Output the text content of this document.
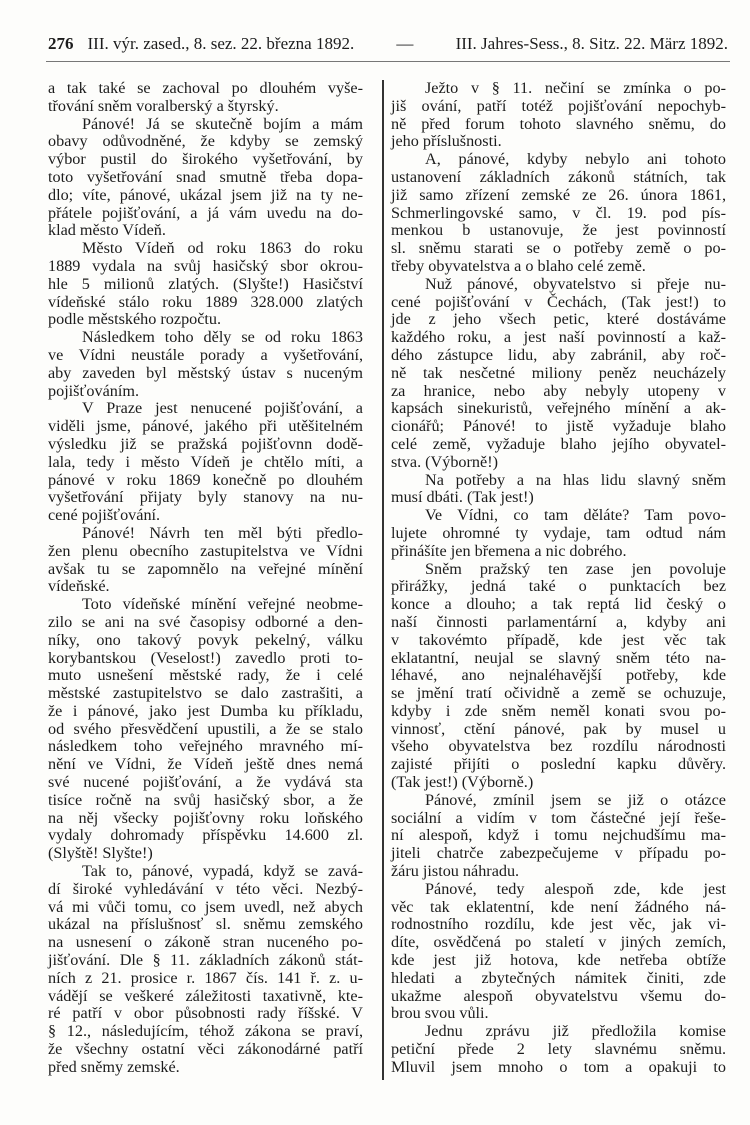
276 III. výr. zased., 8. sez. 22. března 1892. — III. Jahres-Sess., 8. Sitz. 22. März 1892.
a tak také se zachoval po dlouhém vyše-
třování sněm voralberský a štyrský.
Pánové! Já se skutečně bojím a mám
obavy odůvodněné, že kdyby se zemský
výbor pustil do širokého vyšetřování, by
toto vyšetřování snad smutně třeba dopa-
dlo; víte, pánové, ukázal jsem již na ty ne-
přátele pojišťování, a já vám uvedu na do-
klad město Vídeň.
Město Vídeň od roku 1863 do roku
1889 vydala na svůj hasičský sbor okrou-
hle 5 milionů zlatých. (Slyšte!) Hasičství
vídeňské stálo roku 1889 328.000 zlatých
podle městského rozpočtu.
Následkem toho děly se od roku 1863
ve Vídni neustále porady a vyšetřování,
aby zaveden byl městský ústav s nuceným
pojišťováním.
V Praze jest nenucené pojišťování, a
viděli jsme, pánové, jakého při utěšitelném
výsledku již se pražská pojišťovnn dodě-
lala, tedy i město Vídeň je chtělo míti, a
pánové v roku 1869 konečně po dlouhém
vyšetřování přijaty byly stanovy na nu-
cené pojišťování.
Pánové! Návrh ten měl býti předlo-
žen plenu obecního zastupitelstva ve Vídni
avšak tu se zapomnělo na veřejné mínění
vídeňské.
Toto vídeňské mínění veřejné neobme-
zilo se ani na své časopisy odborné a den-
níky, ono takový povyk pekelný, válku
korybantskou (Veselost!) zavedlo proti to-
muto usnešení městské rady, že i celé
městské zastupitelstvo se dalo zastrašiti, a
že i pánové, jako jest Dumba ku příkladu,
od svého přesvědčení upustili, a že se stalo
následkem toho veřejného mravného mí-
nění ve Vídni, že Vídeň ještě dnes nemá
své nucené pojišťování, a že vydává sta
tisíce ročně na svůj hasičský sbor, a že
na něj všecky pojišťovny roku loňského
vydaly dohromady příspěvku 14.600 zl.
(Slyště! Slyšte!)
Tak to, pánové, vypadá, když se zavá-
dí široké vyhledávání v této věci. Nezbý-
vá mi vůči tomu, co jsem uvedl, než abych
ukázal na příslušnosť sl. sněmu zemského
na usnesení o zákoně stran nuceného po-
jišťování. Dle § 11. základních zákonů stát-
ních z 21. prosice r. 1867 čís. 141 ř. z. u-
vádějí se veškeré záležitosti taxativně, kte-
ré patří v obor působnosti rady říšské. V
§ 12., následujícím, téhož zákona se praví,
že všechny ostatní věci zákonodárné patří
před sněmy zemské.
Ježto v § 11. nečiní se zmínka o po-
jiš ování, patří totéž pojišťování nepochyb-
ně před forum tohoto slavného sněmu, do
jeho příslušnosti.
A, pánové, kdyby nebylo ani tohoto
ustanovení základních zákonů státních, tak
již samo zřízení zemské ze 26. února 1861,
Schmerlingovské samo, v čl. 19. pod pís-
menkou b ustanovuje, že jest povinností
sl. sněmu starati se o potřeby země o po-
třeby obyvatelstva a o blaho celé země.
Nuž pánové, obyvatelstvo si přeje nu-
cené pojišťování v Čechách, (Tak jest!) to
jde z jeho všech petic, které dostáváme
každého roku, a jest naší povinností a kaž-
dého zástupce lidu, aby zabránil, aby roč-
ně tak nesčetné miliony peněz neucházely
za hranice, nebo aby nebyly utopeny v
kapsách sinekuristů, veřejného mínění a ak-
cionářů; Pánové! to jistě vyžaduje blaho
celé země, vyžaduje blaho jejího obyvatel-
stva. (Výborně!)
Na potřeby a na hlas lidu slavný sněm
musí dbáti. (Tak jest!)
Ve Vídni, co tam děláte? Tam povo-
lujete ohromné ty vydaje, tam odtud nám
přinášíte jen břemena a nic dobrého.
Sněm pražský ten zase jen povoluje
přirážky, jedná také o punktacích bez
konce a dlouho; a tak reptá lid český o
naší činnosti parlamentární a, kdyby ani
v takovémto případě, kde jest věc tak
eklatantní, neujal se slavný sněm této na-
léhavé, ano nejnaléhavější potřeby, kde
se jmění tratí očividně a země se ochuzuje,
kdyby i zde sněm neměl konati svou po-
vinnosť, ctění pánové, pak by musel u
všeho obyvatelstva bez rozdílu národnosti
zajisté přijíti o poslední kapku důvěry.
(Tak jest!) (Výborně.)
Pánové, zmínil jsem se již o otázce
sociální a vidím v tom částečné její řeše-
ní alespoň, když i tomu nejchudšímu ma-
jiteli chatrče zabezpečujeme v případu po-
žáru jistou náhradu.
Pánové, tedy alespoň zde, kde jest
věc tak eklatentní, kde není žádného ná-
rodnostního rozdílu, kde jest věc, jak vi-
díte, osvědčená po staletí v jiných zemích,
kde jest již hotova, kde netřeba obtíže
hledati a zbytečných námitek činiti, zde
ukažme alespoň obyvatelstvu všemu do-
brou svou vůli.
Jednu zprávu již předložila komise
petiční přede 2 lety slavnému sněmu.
Mluvil jsem mnoho o tom a opakuji to
